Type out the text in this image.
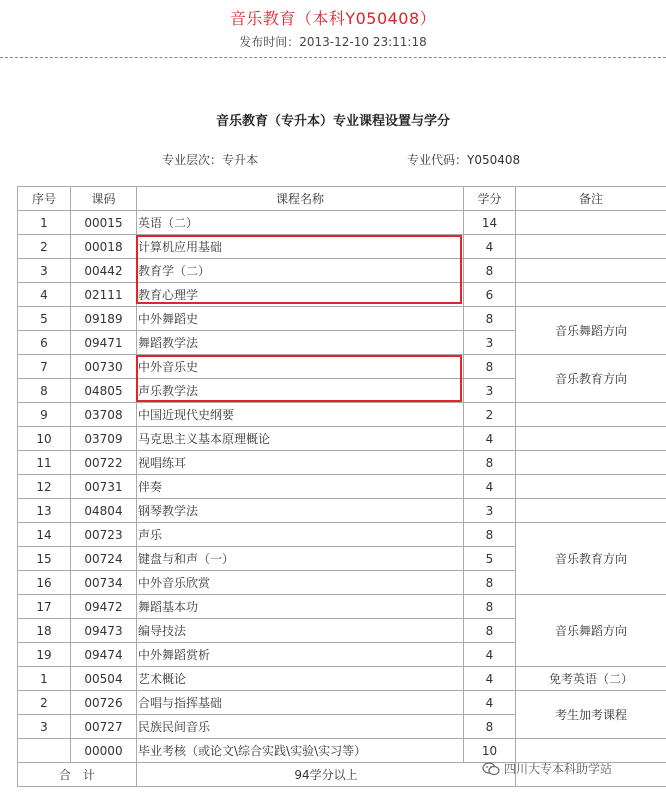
音乐教育（本科Y050408）
发布时间：2013-12-10 23:11:18
音乐教育（专升本）专业课程设置与学分
专业层次：专升本	专业代码：Y050408
序号	课码	课程名称	学分	备注
1	00015	英语（二）	14	
2	00018	计算机应用基础	4	
3	00442	教育学（二）	8	
4	02111	教育心理学	6	
5	09189	中外舞蹈史	8	音乐舞蹈方向
6	09471	舞蹈教学法	3	
7	00730	中外音乐史	8	音乐教育方向
8	04805	声乐教学法	3	
9	03708	中国近现代史纲要	2	
10	03709	马克思主义基本原理概论	4	
11	00722	视唱练耳	8	
12	00731	伴奏	4	
13	04804	钢琴教学法	3	
14	00723	声乐	8	音乐教育方向
15	00724	键盘与和声（一）	5	
16	00734	中外音乐欣赏	8	
17	09472	舞蹈基本功	8	音乐舞蹈方向
18	09473	编导技法	8	
19	09474	中外舞蹈赏析	4	
1	00504	艺术概论	4	免考英语（二）
2	00726	合唱与指挥基础	4	考生加考课程
3	00727	民族民间音乐	8	
	00000	毕业考核（或论文\综合实践\实验\实习等）	10	
合　计		94学分以上			四川大专本科助学站
